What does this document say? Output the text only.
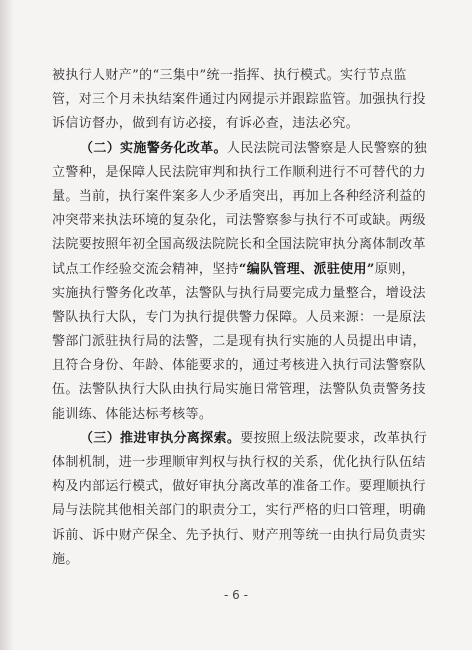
被执行人财产”的“三集中”统一指挥、执行模式。实行节点监
管，对三个月未执结案件通过内网提示并跟踪监管。加强执行投
诉信访督办，做到有访必接，有诉必查，违法必究。
（二）实施警务化改革。人民法院司法警察是人民警察的独
立警种，是保障人民法院审判和执行工作顺利进行不可替代的力
量。当前，执行案件案多人少矛盾突出，再加上各种经济利益的
冲突带来执法环境的复杂化，司法警察参与执行不可或缺。两级
法院要按照年初全国高级法院院长和全国法院审执分离体制改革
试点工作经验交流会精神，坚持“编队管理、派驻使用”原则，
实施执行警务化改革，法警队与执行局要完成力量整合，增设法
警队执行大队，专门为执行提供警力保障。人员来源：一是原法
警部门派驻执行局的法警，二是现有执行实施的人员提出申请，
且符合身份、年龄、体能要求的，通过考核进入执行司法警察队
伍。法警队执行大队由执行局实施日常管理，法警队负责警务技
能训练、体能达标考核等。
（三）推进审执分离探索。要按照上级法院要求，改革执行
体制机制，进一步理顺审判权与执行权的关系，优化执行队伍结
构及内部运行模式，做好审执分离改革的准备工作。要理顺执行
局与法院其他相关部门的职责分工，实行严格的归口管理，明确
诉前、诉中财产保全、先予执行、财产刑等统一由执行局负责实
施。
- 6 -
